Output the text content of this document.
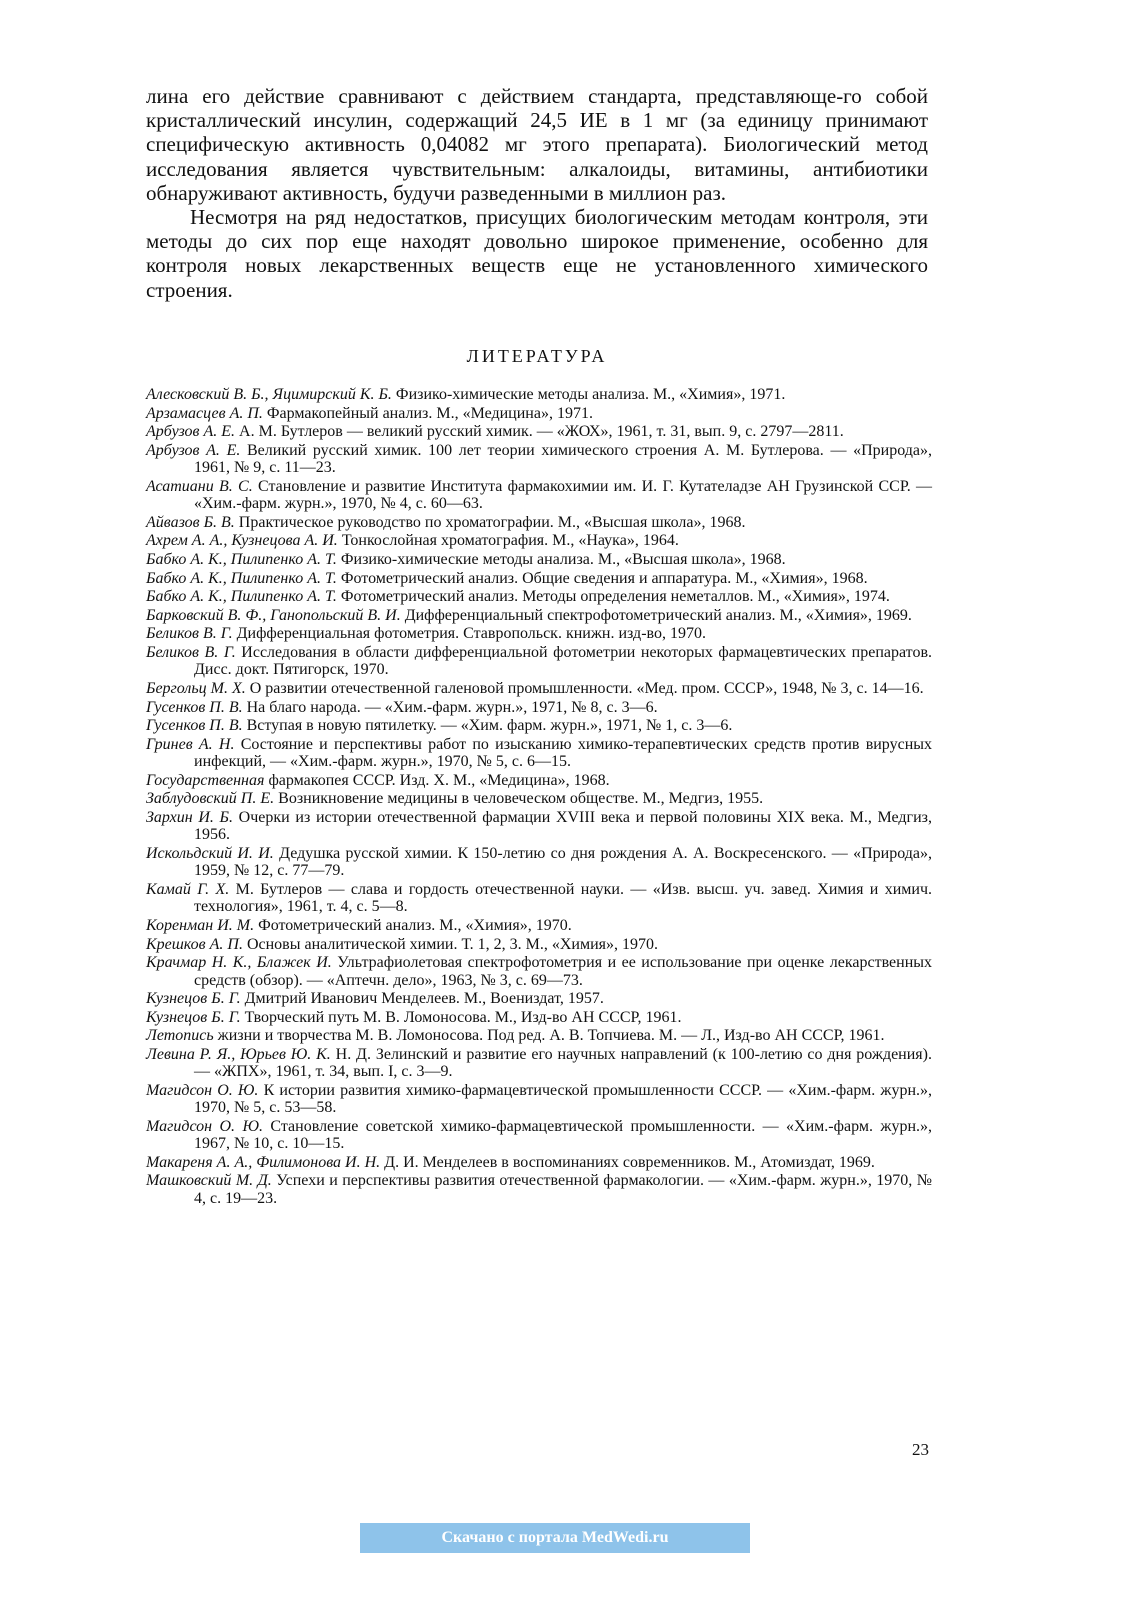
лина его действие сравнивают с действием стандарта, представляюще-го собой кристаллический инсулин, содержащий 24,5 ИЕ в 1 мг (за единицу принимают специфическую активность 0,04082 мг этого препарата). Биологический метод исследования является чувствительным: алкалоиды, витамины, антибиотики обнаруживают активность, будучи разведенными в миллион раз.

Несмотря на ряд недостатков, присущих биологическим методам контроля, эти методы до сих пор еще находят довольно широкое применение, особенно для контроля новых лекарственных веществ еще не установленного химического строения.

ЛИТЕРАТУРА

Алесковский В. Б., Яцимирский К. Б. Физико-химические методы анализа. М., «Химия», 1971.

Арзамасцев А. П. Фармакопейный анализ. М., «Медицина», 1971.

Арбузов А. Е. А. М. Бутлеров — великий русский химик. — «ЖОХ», 1961, т. 31, вып. 9, с. 2797—2811.

Арбузов А. Е. Великий русский химик. 100 лет теории химического строения А. М. Бутлерова. — «Природа», 1961, № 9, с. 11—23.

Асатиани В. С. Становление и развитие Института фармакохимии им. И. Г. Кутателадзе АН Грузинской ССР. — «Хим.-фарм. журн.», 1970, № 4, с. 60—63.

Айвазов Б. В. Практическое руководство по хроматографии. М., «Высшая школа», 1968.

Ахрем А. А., Кузнецова А. И. Тонкослойная хроматография. М., «Наука», 1964.

Бабко А. К., Пилипенко А. Т. Физико-химические методы анализа. М., «Высшая школа», 1968.

Бабко А. К., Пилипенко А. Т. Фотометрический анализ. Общие сведения и аппаратура. М., «Химия», 1968.

Бабко А. К., Пилипенко А. Т. Фотометрический анализ. Методы определения неметаллов. М., «Химия», 1974.

Барковский В. Ф., Ганопольский В. И. Дифференциальный спектрофотометрический анализ. М., «Химия», 1969.

Беликов В. Г. Дифференциальная фотометрия. Ставропольск. книжн. изд-во, 1970.

Беликов В. Г. Исследования в области дифференциальной фотометрии некоторых фармацевтических препаратов. Дисс. докт. Пятигорск, 1970.

Бергольц М. Х. О развитии отечественной галеновой промышленности. «Мед. пром. СССР», 1948, № 3, с. 14—16.

Гусенков П. В. На благо народа. — «Хим.-фарм. журн.», 1971, № 8, с. 3—6.

Гусенков П. В. Вступая в новую пятилетку. — «Хим. фарм. журн.», 1971, № 1, с. 3—6.

Гринев А. Н. Состояние и перспективы работ по изысканию химико-терапевтических средств против вирусных инфекций, — «Хим.-фарм. журн.», 1970, № 5, с. 6—15.

Государственная фармакопея СССР. Изд. Х. М., «Медицина», 1968.

Заблудовский П. Е. Возникновение медицины в человеческом обществе. М., Медгиз, 1955.

Зархин И. Б. Очерки из истории отечественной фармации XVIII века и первой половины XIX века. М., Медгиз, 1956.

Искольдский И. И. Дедушка русской химии. К 150-летию со дня рождения А. А. Воскресенского. — «Природа», 1959, № 12, с. 77—79.

Камай Г. Х. М. Бутлеров — слава и гордость отечественной науки. — «Изв. высш. уч. завед. Химия и химич. технология», 1961, т. 4, с. 5—8.

Коренман И. М. Фотометрический анализ. М., «Химия», 1970.

Крешков А. П. Основы аналитической химии. Т. 1, 2, 3. М., «Химия», 1970.

Крачмар Н. К., Блажек И. Ультрафиолетовая спектрофотометрия и ее использование при оценке лекарственных средств (обзор). — «Аптечн. дело», 1963, № 3, с. 69—73.

Кузнецов Б. Г. Дмитрий Иванович Менделеев. М., Воениздат, 1957.

Кузнецов Б. Г. Творческий путь М. В. Ломоносова. М., Изд-во АН СССР, 1961.

Летопись жизни и творчества М. В. Ломоносова. Под ред. А. В. Топчиева. М. — Л., Изд-во АН СССР, 1961.

Левина Р. Я., Юрьев Ю. К. Н. Д. Зелинский и развитие его научных направлений (к 100-летию со дня рождения). — «ЖПХ», 1961, т. 34, вып. I, с. 3—9.

Магидсон О. Ю. К истории развития химико-фармацевтической промышленности СССР. — «Хим.-фарм. журн.», 1970, № 5, с. 53—58.

Магидсон О. Ю. Становление советской химико-фармацевтической промышленности. — «Хим.-фарм. журн.», 1967, № 10, с. 10—15.

Макареня А. А., Филимонова И. Н. Д. И. Менделеев в воспоминаниях современников. М., Атомиздат, 1969.

Машковский М. Д. Успехи и перспективы развития отечественной фармакологии. — «Хим.-фарм. журн.», 1970, № 4, с. 19—23.

23
Скачано с портала MedWedi.ru
